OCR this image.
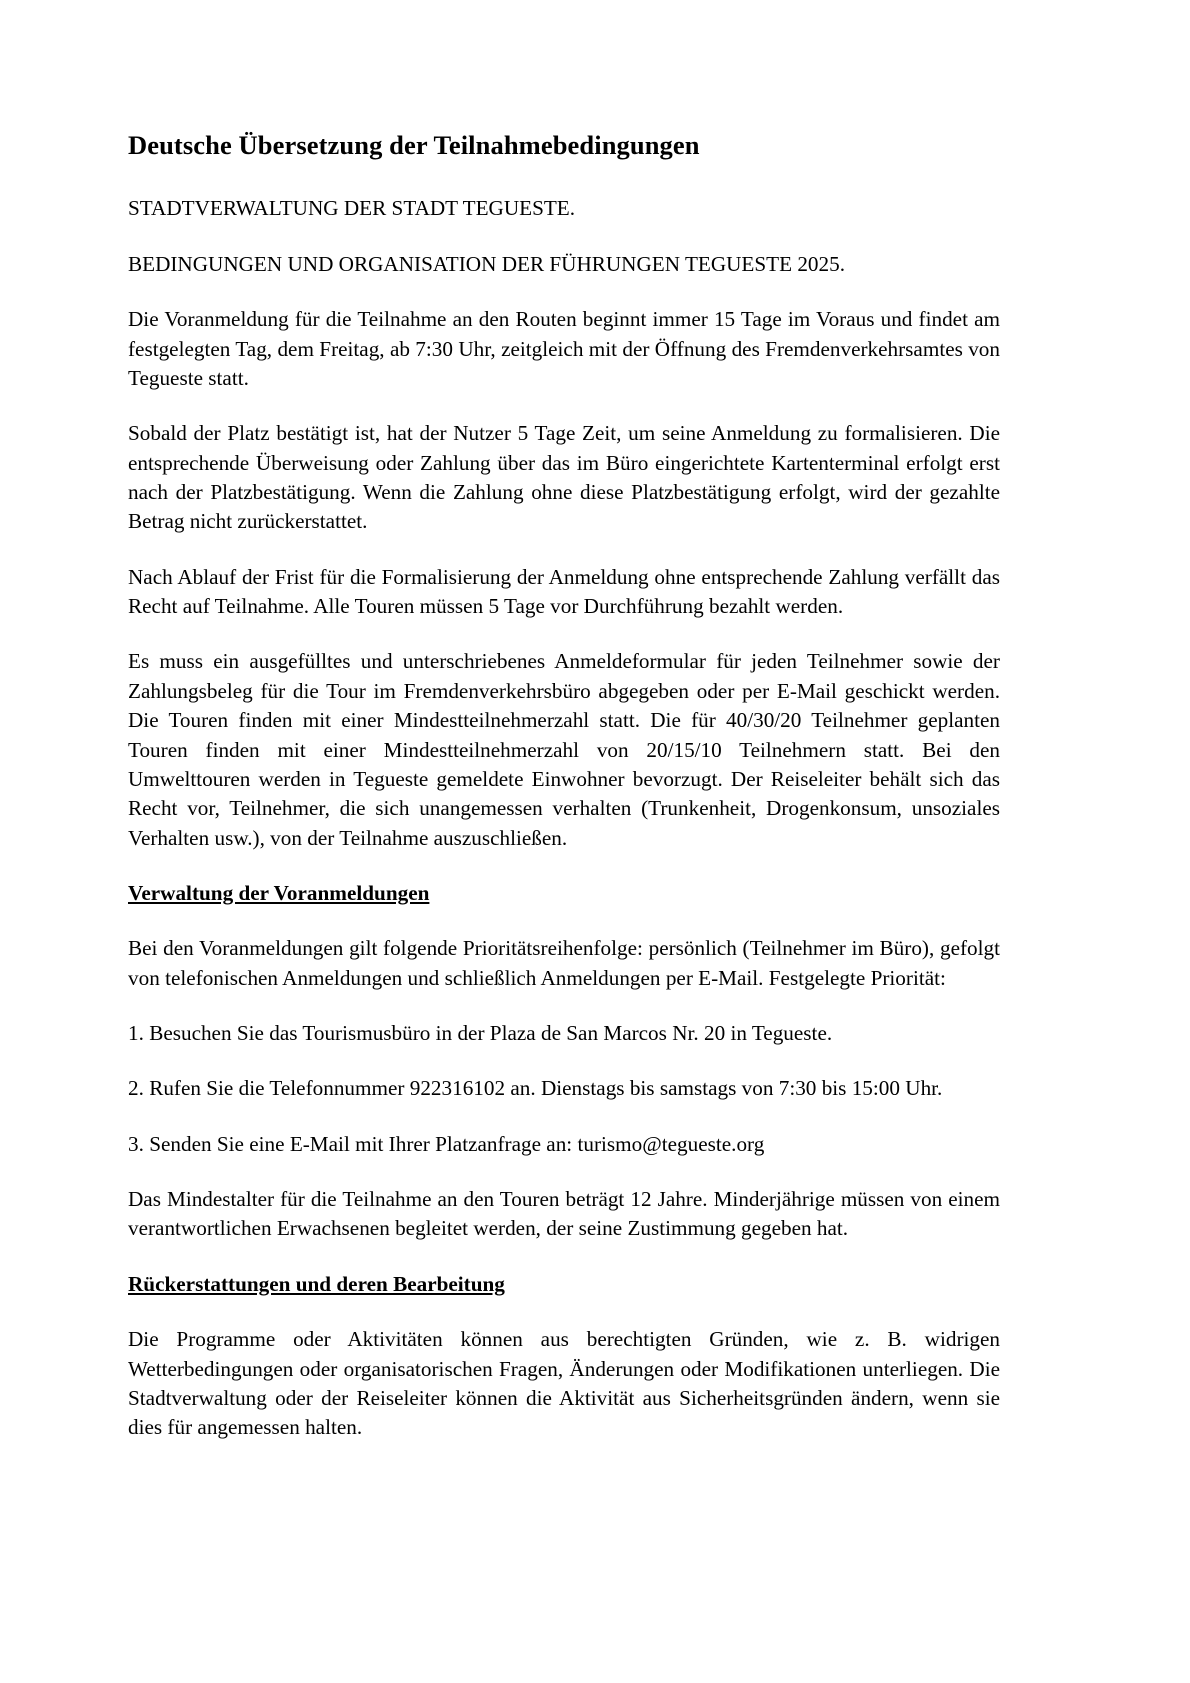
Deutsche Übersetzung der Teilnahmebedingungen

STADTVERWALTUNG DER STADT TEGUESTE.

BEDINGUNGEN UND ORGANISATION DER FÜHRUNGEN TEGUESTE 2025.

Die Voranmeldung für die Teilnahme an den Routen beginnt immer 15 Tage im Voraus und findet am festgelegten Tag, dem Freitag, ab 7:30 Uhr, zeitgleich mit der Öffnung des Fremdenverkehrsamtes von Tegueste statt.

Sobald der Platz bestätigt ist, hat der Nutzer 5 Tage Zeit, um seine Anmeldung zu formalisieren. Die entsprechende Überweisung oder Zahlung über das im Büro eingerichtete Kartenterminal erfolgt erst nach der Platzbestätigung. Wenn die Zahlung ohne diese Platzbestätigung erfolgt, wird der gezahlte Betrag nicht zurückerstattet.

Nach Ablauf der Frist für die Formalisierung der Anmeldung ohne entsprechende Zahlung verfällt das Recht auf Teilnahme. Alle Touren müssen 5 Tage vor Durchführung bezahlt werden.

Es muss ein ausgefülltes und unterschriebenes Anmeldeformular für jeden Teilnehmer sowie der Zahlungsbeleg für die Tour im Fremdenverkehrsbüro abgegeben oder per E-Mail geschickt werden. Die Touren finden mit einer Mindestteilnehmerzahl statt. Die für 40/30/20 Teilnehmer geplanten Touren finden mit einer Mindestteilnehmerzahl von 20/15/10 Teilnehmern statt. Bei den Umwelttouren werden in Tegueste gemeldete Einwohner bevorzugt. Der Reiseleiter behält sich das Recht vor, Teilnehmer, die sich unangemessen verhalten (Trunkenheit, Drogenkonsum, unsoziales Verhalten usw.), von der Teilnahme auszuschließen.

Verwaltung der Voranmeldungen

Bei den Voranmeldungen gilt folgende Prioritätsreihenfolge: persönlich (Teilnehmer im Büro), gefolgt von telefonischen Anmeldungen und schließlich Anmeldungen per E-Mail. Festgelegte Priorität:

1. Besuchen Sie das Tourismusbüro in der Plaza de San Marcos Nr. 20 in Tegueste.

2. Rufen Sie die Telefonnummer 922316102 an. Dienstags bis samstags von 7:30 bis 15:00 Uhr.

3. Senden Sie eine E-Mail mit Ihrer Platzanfrage an: turismo@tegueste.org

Das Mindestalter für die Teilnahme an den Touren beträgt 12 Jahre. Minderjährige müssen von einem verantwortlichen Erwachsenen begleitet werden, der seine Zustimmung gegeben hat.

Rückerstattungen und deren Bearbeitung

Die Programme oder Aktivitäten können aus berechtigten Gründen, wie z. B. widrigen Wetterbedingungen oder organisatorischen Fragen, Änderungen oder Modifikationen unterliegen. Die Stadtverwaltung oder der Reiseleiter können die Aktivität aus Sicherheitsgründen ändern, wenn sie dies für angemessen halten.
